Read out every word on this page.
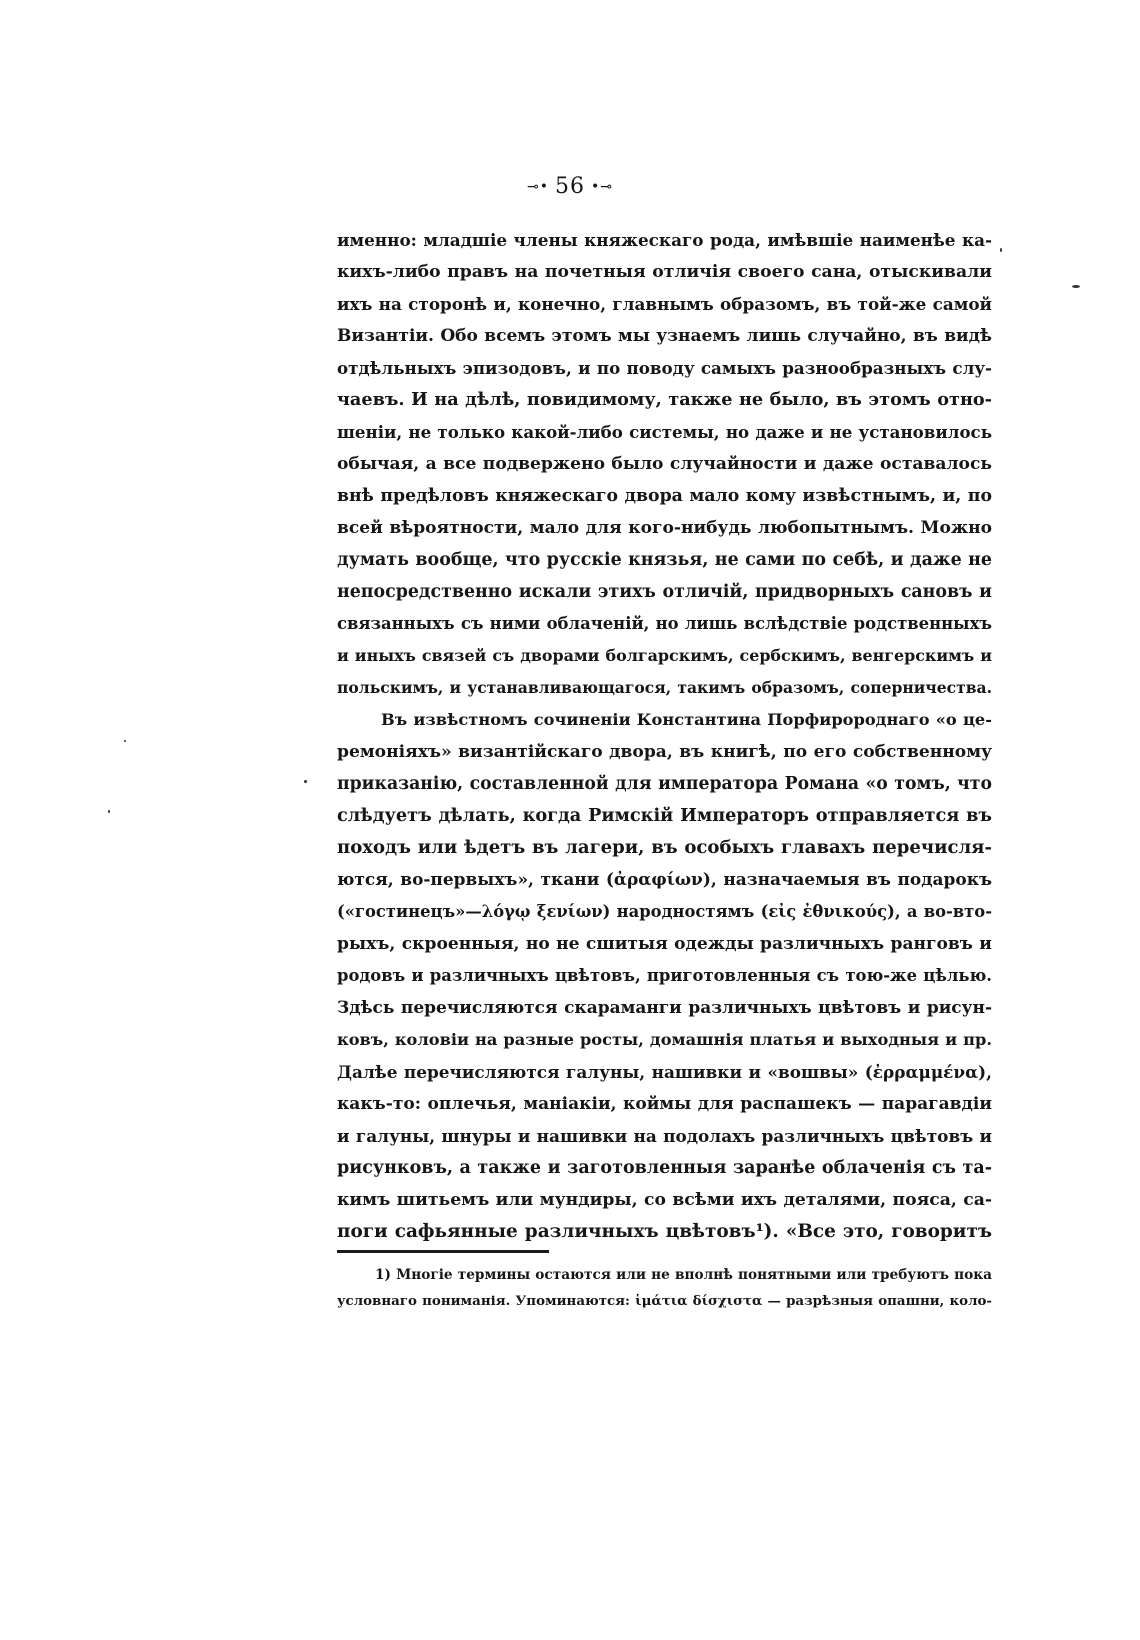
⊸• 56 •⊸
именно: младшіе члены княжескаго рода, имѣвшіе наименѣе ка-
кихъ-либо правъ на почетныя отличія своего сана, отыскивали
ихъ на сторонѣ и, конечно, главнымъ образомъ, въ той-же самой
Византіи. Обо всемъ этомъ мы узнаемъ лишь случайно, въ видѣ
отдѣльныхъ эпизодовъ, и по поводу самыхъ разнообразныхъ слу-
чаевъ. И на дѣлѣ, повидимому, также не было, въ этомъ отно-
шеніи, не только какой-либо системы, но даже и не установилось
обычая, а все подвержено было случайности и даже оставалось
внѣ предѣловъ княжескаго двора мало кому извѣстнымъ, и, по
всей вѣроятности, мало для кого-нибудь любопытнымъ. Можно
думать вообще, что русскіе князья, не сами по себѣ, и даже не
непосредственно искали этихъ отличій, придворныхъ сановъ и
связанныхъ съ ними облаченій, но лишь вслѣдствіе родственныхъ
и иныхъ связей съ дворами болгарскимъ, сербскимъ, венгерскимъ и
польскимъ, и устанавливающагося, такимъ образомъ, соперничества.
Въ извѣстномъ сочиненіи Константина Порфиророднаго «о це-
ремоніяхъ» византійскаго двора, въ книгѣ, по его собственному
приказанію, составленной для императора Романа «о томъ, что
слѣдуетъ дѣлать, когда Римскій Императоръ отправляется въ
походъ или ѣдетъ въ лагери, въ особыхъ главахъ перечисля-
ются, во-первыхъ», ткани (ἀραφίων), назначаемыя въ подарокъ
(«гостинецъ»—λόγῳ ξενίων) народностямъ (εἰς ἐθνικούς), а во-вто-
рыхъ, скроенныя, но не сшитыя одежды различныхъ ранговъ и
родовъ и различныхъ цвѣтовъ, приготовленныя съ тою-же цѣлью.
Здѣсь перечисляются скараманги различныхъ цвѣтовъ и рисун-
ковъ, коловіи на разные росты, домашнія платья и выходныя и пр.
Далѣе перечисляются галуны, нашивки и «вошвы» (ἐρραμμένα),
какъ-то: оплечья, маніакіи, коймы для распашекъ — парагавдіи
и галуны, шнуры и нашивки на подолахъ различныхъ цвѣтовъ и
рисунковъ, а также и заготовленныя заранѣе облаченія съ та-
кимъ шитьемъ или мундиры, со всѣми ихъ деталями, пояса, са-
поги сафьянные различныхъ цвѣтовъ¹). «Все это, говоритъ
1) Многіе термины остаются или не вполнѣ понятными или требуютъ пока
условнаго пониманія. Упоминаются: ἱμάτια δίσχιστα — разрѣзныя опашни, коло-
